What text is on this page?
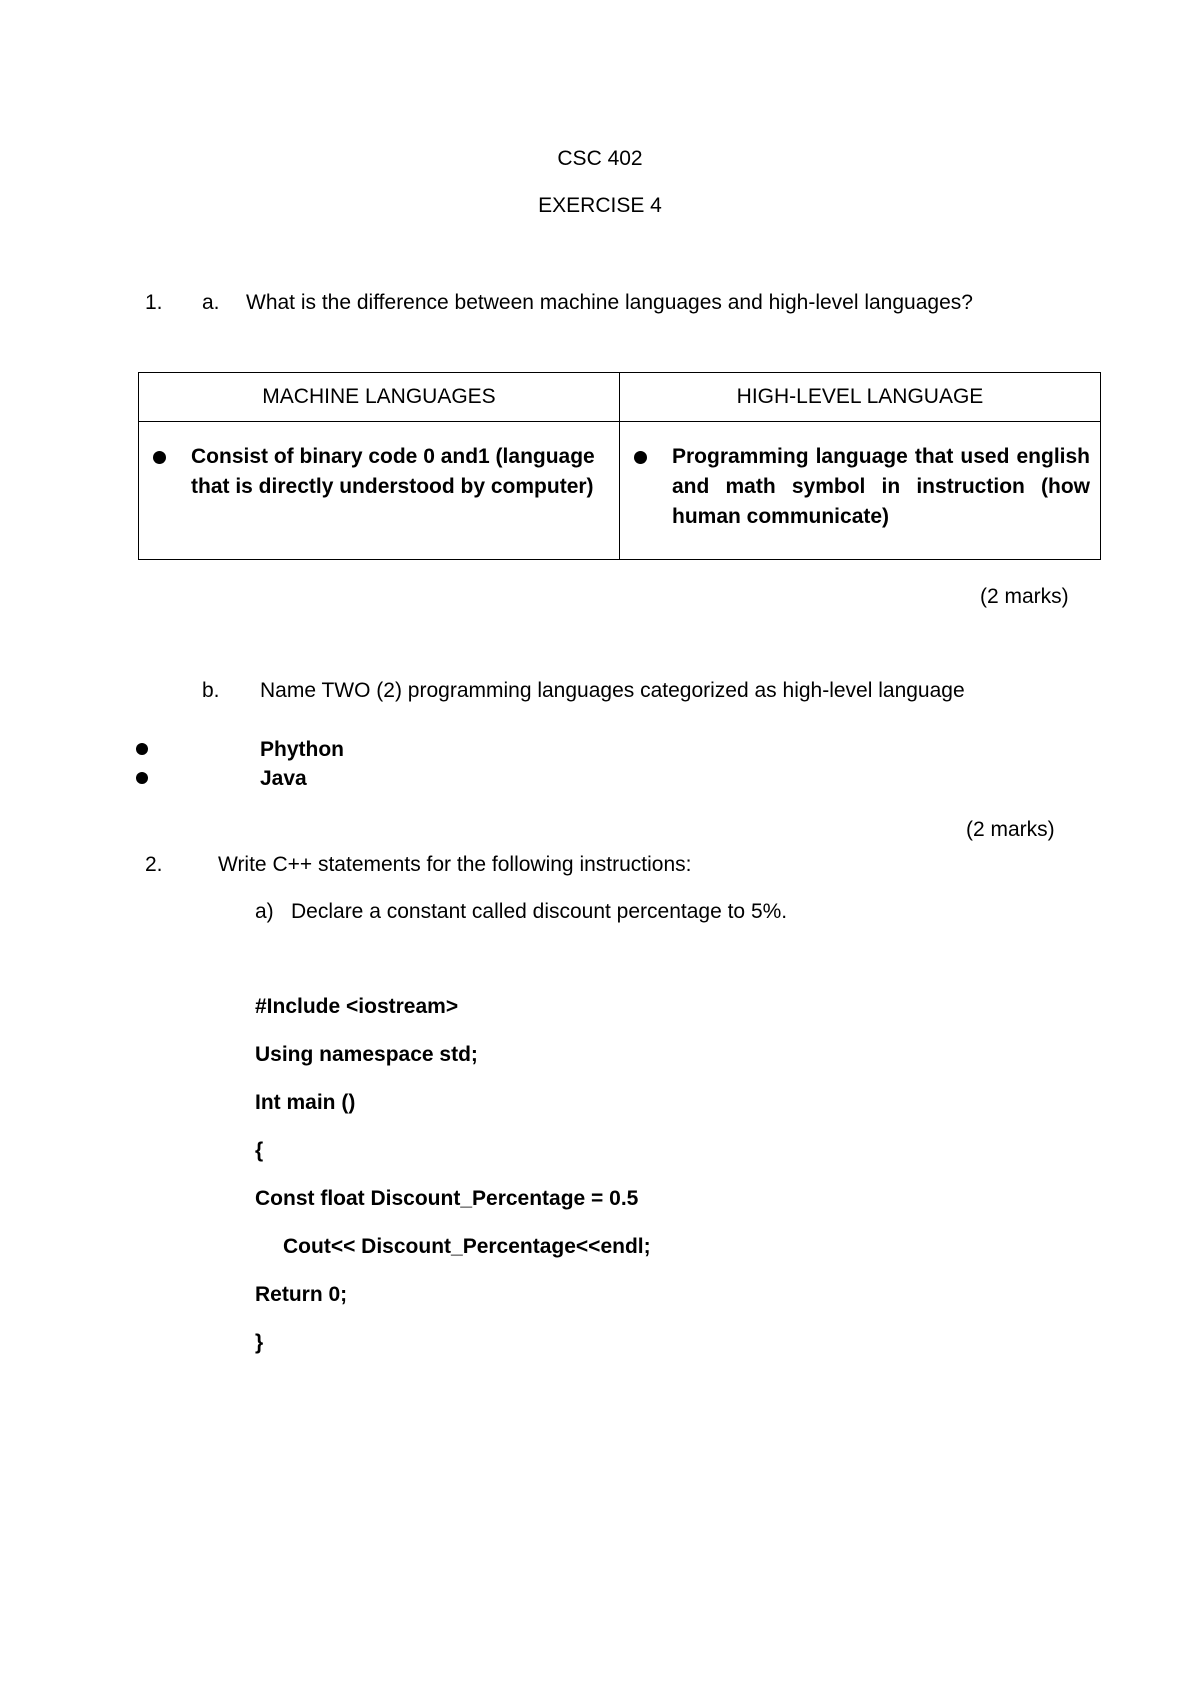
CSC 402
EXERCISE 4
1. a. What is the difference between machine languages and high-level languages?
MACHINE LANGUAGES	HIGH-LEVEL LANGUAGE

Consist of binary code 0 and1 (language that is directly understood by computer)	Programming language that used english and math symbol in instruction (how human communicate)
(2 marks)
b. Name TWO (2) programming languages categorized as high-level language
Phython
Java
(2 marks)
2.	Write C++ statements for the following instructions:
a) Declare a constant called discount percentage to 5%.
#Include <iostream>
Using namespace std;
Int main ()
{
Const float Discount_Percentage = 0.5
Cout<< Discount_Percentage<<endl;
Return 0;
}
